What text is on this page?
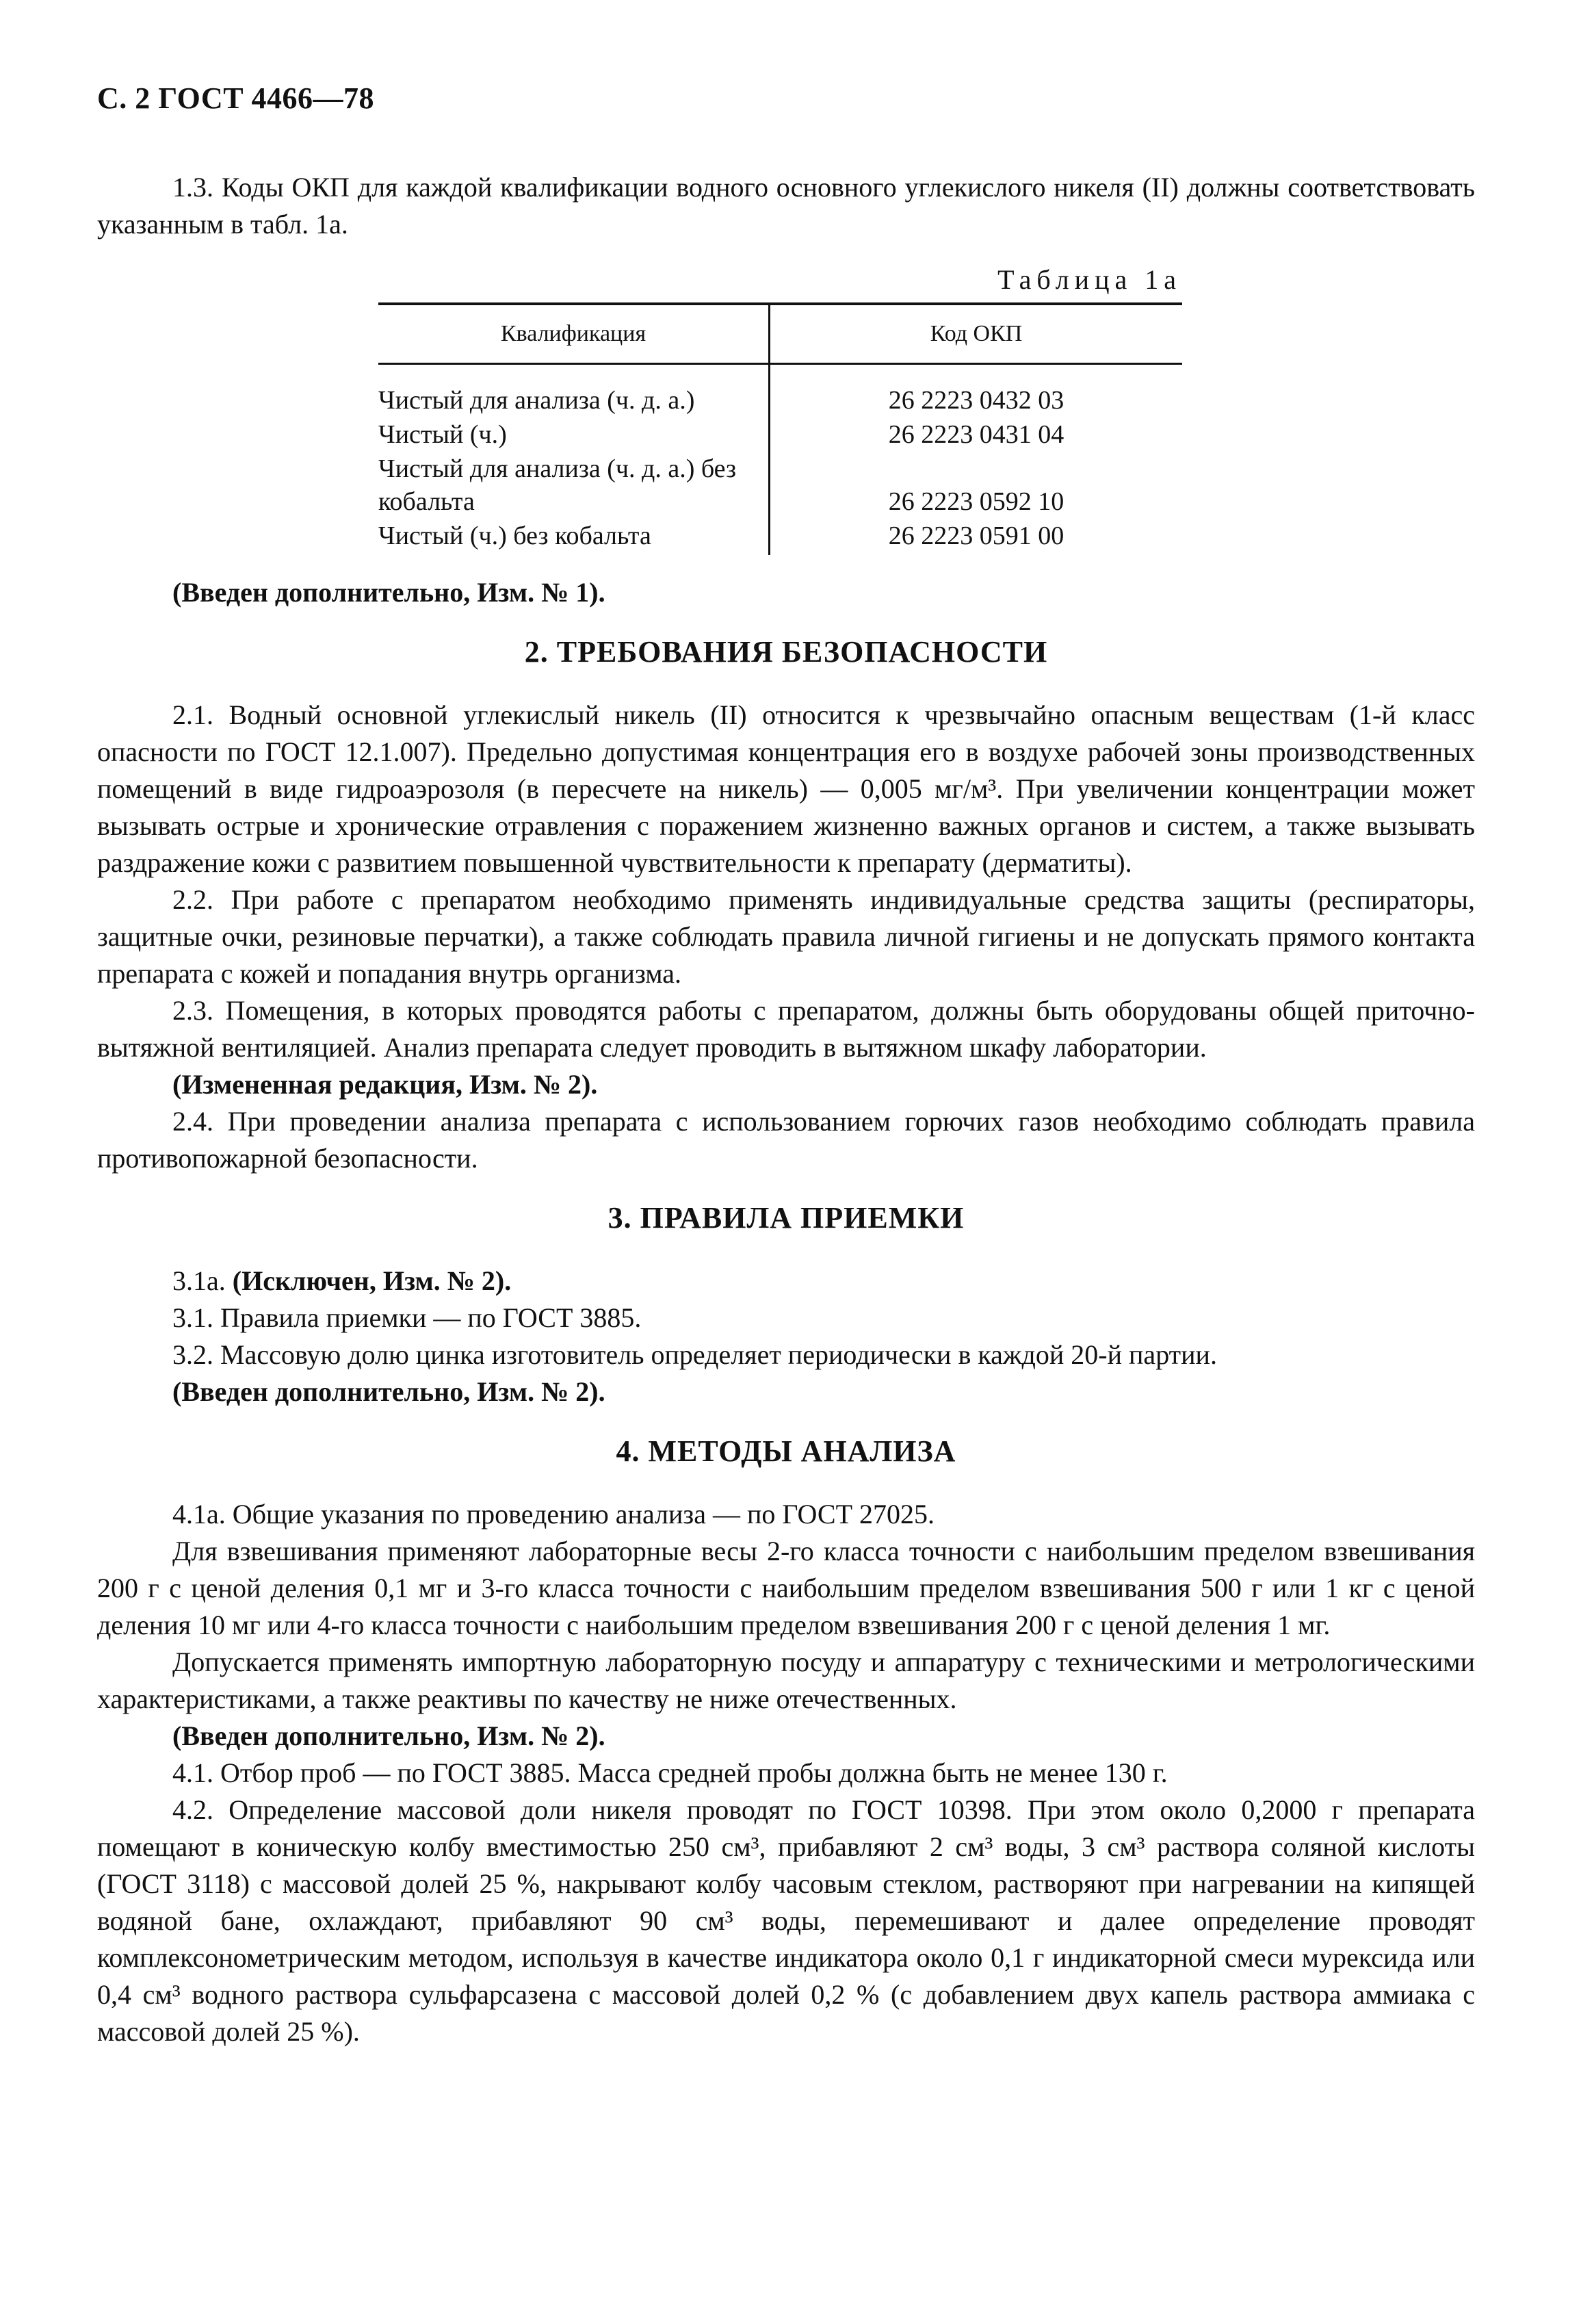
С. 2 ГОСТ 4466—78

1.3. Коды ОКП для каждой квалификации водного основного углекислого никеля (II) должны соответствовать указанным в табл. 1а.

Таблица 1а
Квалификация	Код ОКП
Чистый для анализа (ч. д. а.)	26 2223 0432 03
Чистый (ч.)	26 2223 0431 04
Чистый для анализа (ч. д. а.) без кобальта	26 2223 0592 10
Чистый (ч.) без кобальта	26 2223 0591 00

(Введен дополнительно, Изм. № 1).

2. ТРЕБОВАНИЯ БЕЗОПАСНОСТИ

2.1. Водный основной углекислый никель (II) относится к чрезвычайно опасным веществам (1-й класс опасности по ГОСТ 12.1.007). Предельно допустимая концентрация его в воздухе рабочей зоны производственных помещений в виде гидроаэрозоля (в пересчете на никель) — 0,005 мг/м³. При увеличении концентрации может вызывать острые и хронические отравления с поражением жизненно важных органов и систем, а также вызывать раздражение кожи с развитием повышенной чувствительности к препарату (дерматиты).

2.2. При работе с препаратом необходимо применять индивидуальные средства защиты (респираторы, защитные очки, резиновые перчатки), а также соблюдать правила личной гигиены и не допускать прямого контакта препарата с кожей и попадания внутрь организма.

2.3. Помещения, в которых проводятся работы с препаратом, должны быть оборудованы общей приточно-вытяжной вентиляцией. Анализ препарата следует проводить в вытяжном шкафу лаборатории.

(Измененная редакция, Изм. № 2).

2.4. При проведении анализа препарата с использованием горючих газов необходимо соблюдать правила противопожарной безопасности.

3. ПРАВИЛА ПРИЕМКИ

3.1а. (Исключен, Изм. № 2).

3.1. Правила приемки — по ГОСТ 3885.

3.2. Массовую долю цинка изготовитель определяет периодически в каждой 20-й партии.

(Введен дополнительно, Изм. № 2).

4. МЕТОДЫ АНАЛИЗА

4.1а. Общие указания по проведению анализа — по ГОСТ 27025.

Для взвешивания применяют лабораторные весы 2-го класса точности с наибольшим пределом взвешивания 200 г с ценой деления 0,1 мг и 3-го класса точности с наибольшим пределом взвешивания 500 г или 1 кг с ценой деления 10 мг или 4-го класса точности с наибольшим пределом взвешивания 200 г с ценой деления 1 мг.

Допускается применять импортную лабораторную посуду и аппаратуру с техническими и метрологическими характеристиками, а также реактивы по качеству не ниже отечественных.

(Введен дополнительно, Изм. № 2).

4.1. Отбор проб — по ГОСТ 3885. Масса средней пробы должна быть не менее 130 г.

4.2. Определение массовой доли никеля проводят по ГОСТ 10398. При этом около 0,2000 г препарата помещают в коническую колбу вместимостью 250 см³, прибавляют 2 см³ воды, 3 см³ раствора соляной кислоты (ГОСТ 3118) с массовой долей 25 %, накрывают колбу часовым стеклом, растворяют при нагревании на кипящей водяной бане, охлаждают, прибавляют 90 см³ воды, перемешивают и далее определение проводят комплексонометрическим методом, используя в качестве индикатора около 0,1 г индикаторной смеси мурексида или 0,4 см³ водного раствора сульфарсазена с массовой долей 0,2 % (с добавлением двух капель раствора аммиака с массовой долей 25 %).
